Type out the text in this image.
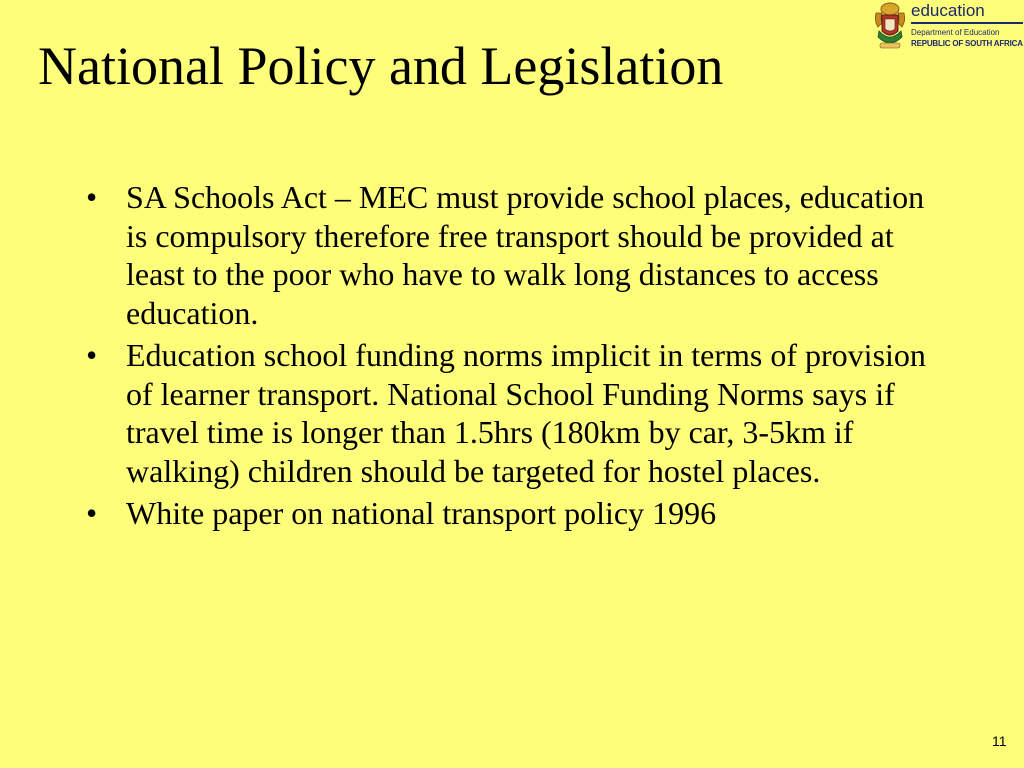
National Policy and Legislation
education
Department of Education
REPUBLIC OF SOUTH AFRICA
• SA Schools Act – MEC must provide school places, education is compulsory therefore free transport should be provided at least to the poor who have to walk long distances to access education.
• Education school funding norms implicit in terms of provision of learner transport. National School Funding Norms says if travel time is longer than 1.5hrs (180km by car, 3-5km if walking) children should be targeted for hostel places.
• White paper on national transport policy 1996
11
